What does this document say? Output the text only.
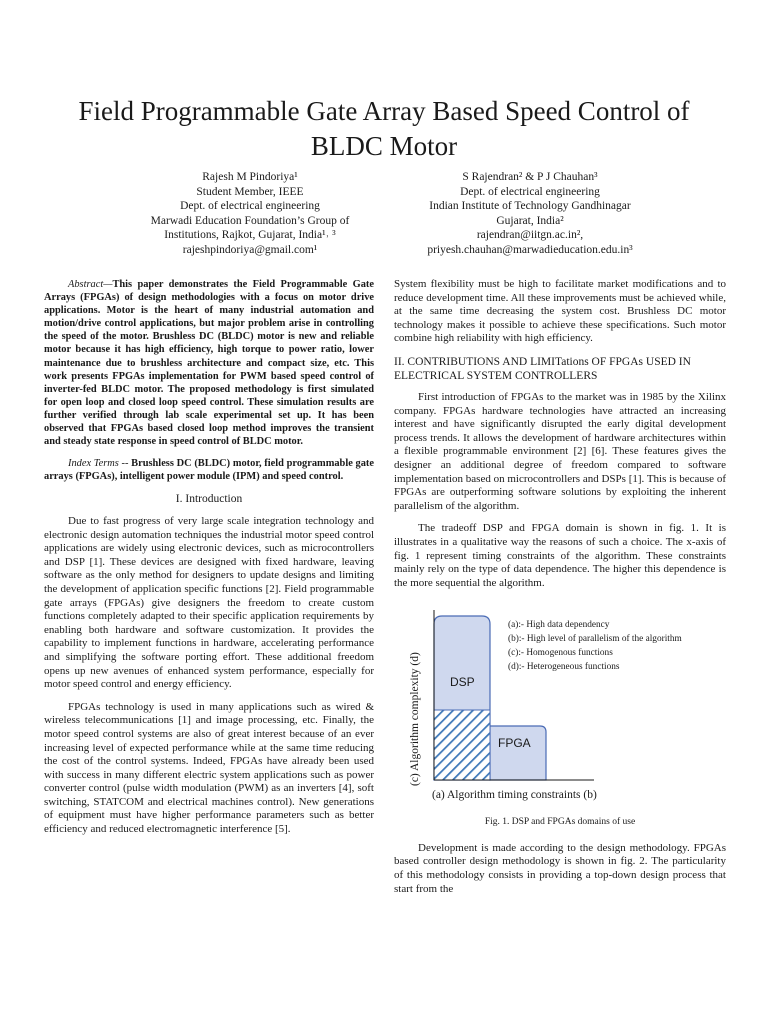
Field Programmable Gate Array Based Speed Control of BLDC Motor
Rajesh M Pindoriya¹
Student Member, IEEE
Dept. of electrical engineering
Marwadi Education Foundation’s Group of
Institutions, Rajkot, Gujarat, India¹˒ ³
rajeshpindoriya@gmail.com¹
S Rajendran² & P J Chauhan³
Dept. of electrical engineering
Indian Institute of Technology Gandhinagar
Gujarat, India²
rajendran@iitgn.ac.in²,
priyesh.chauhan@marwadieducation.edu.in³

Abstract—This paper demonstrates the Field Programmable Gate Arrays (FPGAs) of design methodologies with a focus on motor drive applications. Motor is the heart of many industrial automation and motion/drive control applications, but major problem arise in controlling the speed of the motor. Brushless DC (BLDC) motor is new and reliable motor because it has high efficiency, high torque to power ratio, lower maintenance due to brushless architecture and compact size, etc. This work presents FPGAs implementation for PWM based speed control of inverter-fed BLDC motor. The proposed methodology is first simulated for open loop and closed loop speed control. These simulation results are further verified through lab scale experimental set up. It has been observed that FPGAs based closed loop method improves the transient and steady state response in speed control of BLDC motor.

Index Terms -- Brushless DC (BLDC) motor, field programmable gate arrays (FPGAs), intelligent power module (IPM) and speed control.

I. Introduction

Due to fast progress of very large scale integration technology and electronic design automation techniques the industrial motor speed control applications are widely using electronic devices, such as microcontrollers and DSP [1]. These devices are designed with fixed hardware, leaving software as the only method for designers to update designs and limiting the development of application specific functions [2]. Field programmable gate arrays (FPGAs) give designers the freedom to create custom functions completely adapted to their specific application requirements by enabling both hardware and software customization. It provides the capability to implement functions in hardware, accelerating performance and simplifying the software porting effort. These additional freedom opens up new avenues of enhanced system performance, especially for motor speed control and energy efficiency.

FPGAs technology is used in many applications such as wired & wireless telecommunications [1] and image processing, etc. Finally, the motor speed control systems are also of great interest because of an ever increasing level of expected performance while at the same time reducing the cost of the control systems. Indeed, FPGAs have already been used with success in many different electric system applications such as power converter control (pulse width modulation (PWM) as an inverters [4], soft switching, STATCOM and electrical machines control). New generations of equipment must have higher performance parameters such as better efficiency and reduced electromagnetic interference [5].

System flexibility must be high to facilitate market modifications and to reduce development time. All these improvements must be achieved while, at the same time decreasing the system cost. Brushless DC motor technology makes it possible to achieve these specifications. Such motor combine high reliability with high efficiency.

II. CONTRIBUTIONS AND LIMITations OF FPGAs USED IN ELECTRICAL SYSTEM CONTROLLERS

First introduction of FPGAs to the market was in 1985 by the Xilinx company. FPGAs hardware technologies have attracted an increasing interest and have significantly disrupted the early digital development process trends. It allows the development of hardware architectures within a flexible programmable environment [2] [6]. These features gives the designer an additional degree of freedom compared to software implementation based on microcontrollers and DSPs [1]. This is because of FPGAs are outperforming software solutions by exploiting the inherent parallelism of the algorithm.

The tradeoff DSP and FPGA domain is shown in fig. 1. It is illustrates in a qualitative way the reasons of such a choice. The x-axis of fig. 1 represent timing constraints of the algorithm. These constraints mainly rely on the type of data dependence. The higher this dependence is the more sequential the algorithm.

(c) Algorithm complexity (d)
(a) Algorithm timing constraints (b)
DSP
FPGA
(a):- High data dependency
(b):- High level of parallelism of the algorithm
(c):- Homogenous functions
(d):- Heterogeneous functions

Fig. 1. DSP and FPGAs domains of use

Development is made according to the design methodology. FPGAs based controller design methodology is shown in fig. 2. The particularity of this methodology consists in providing a top-down design process that start from the
